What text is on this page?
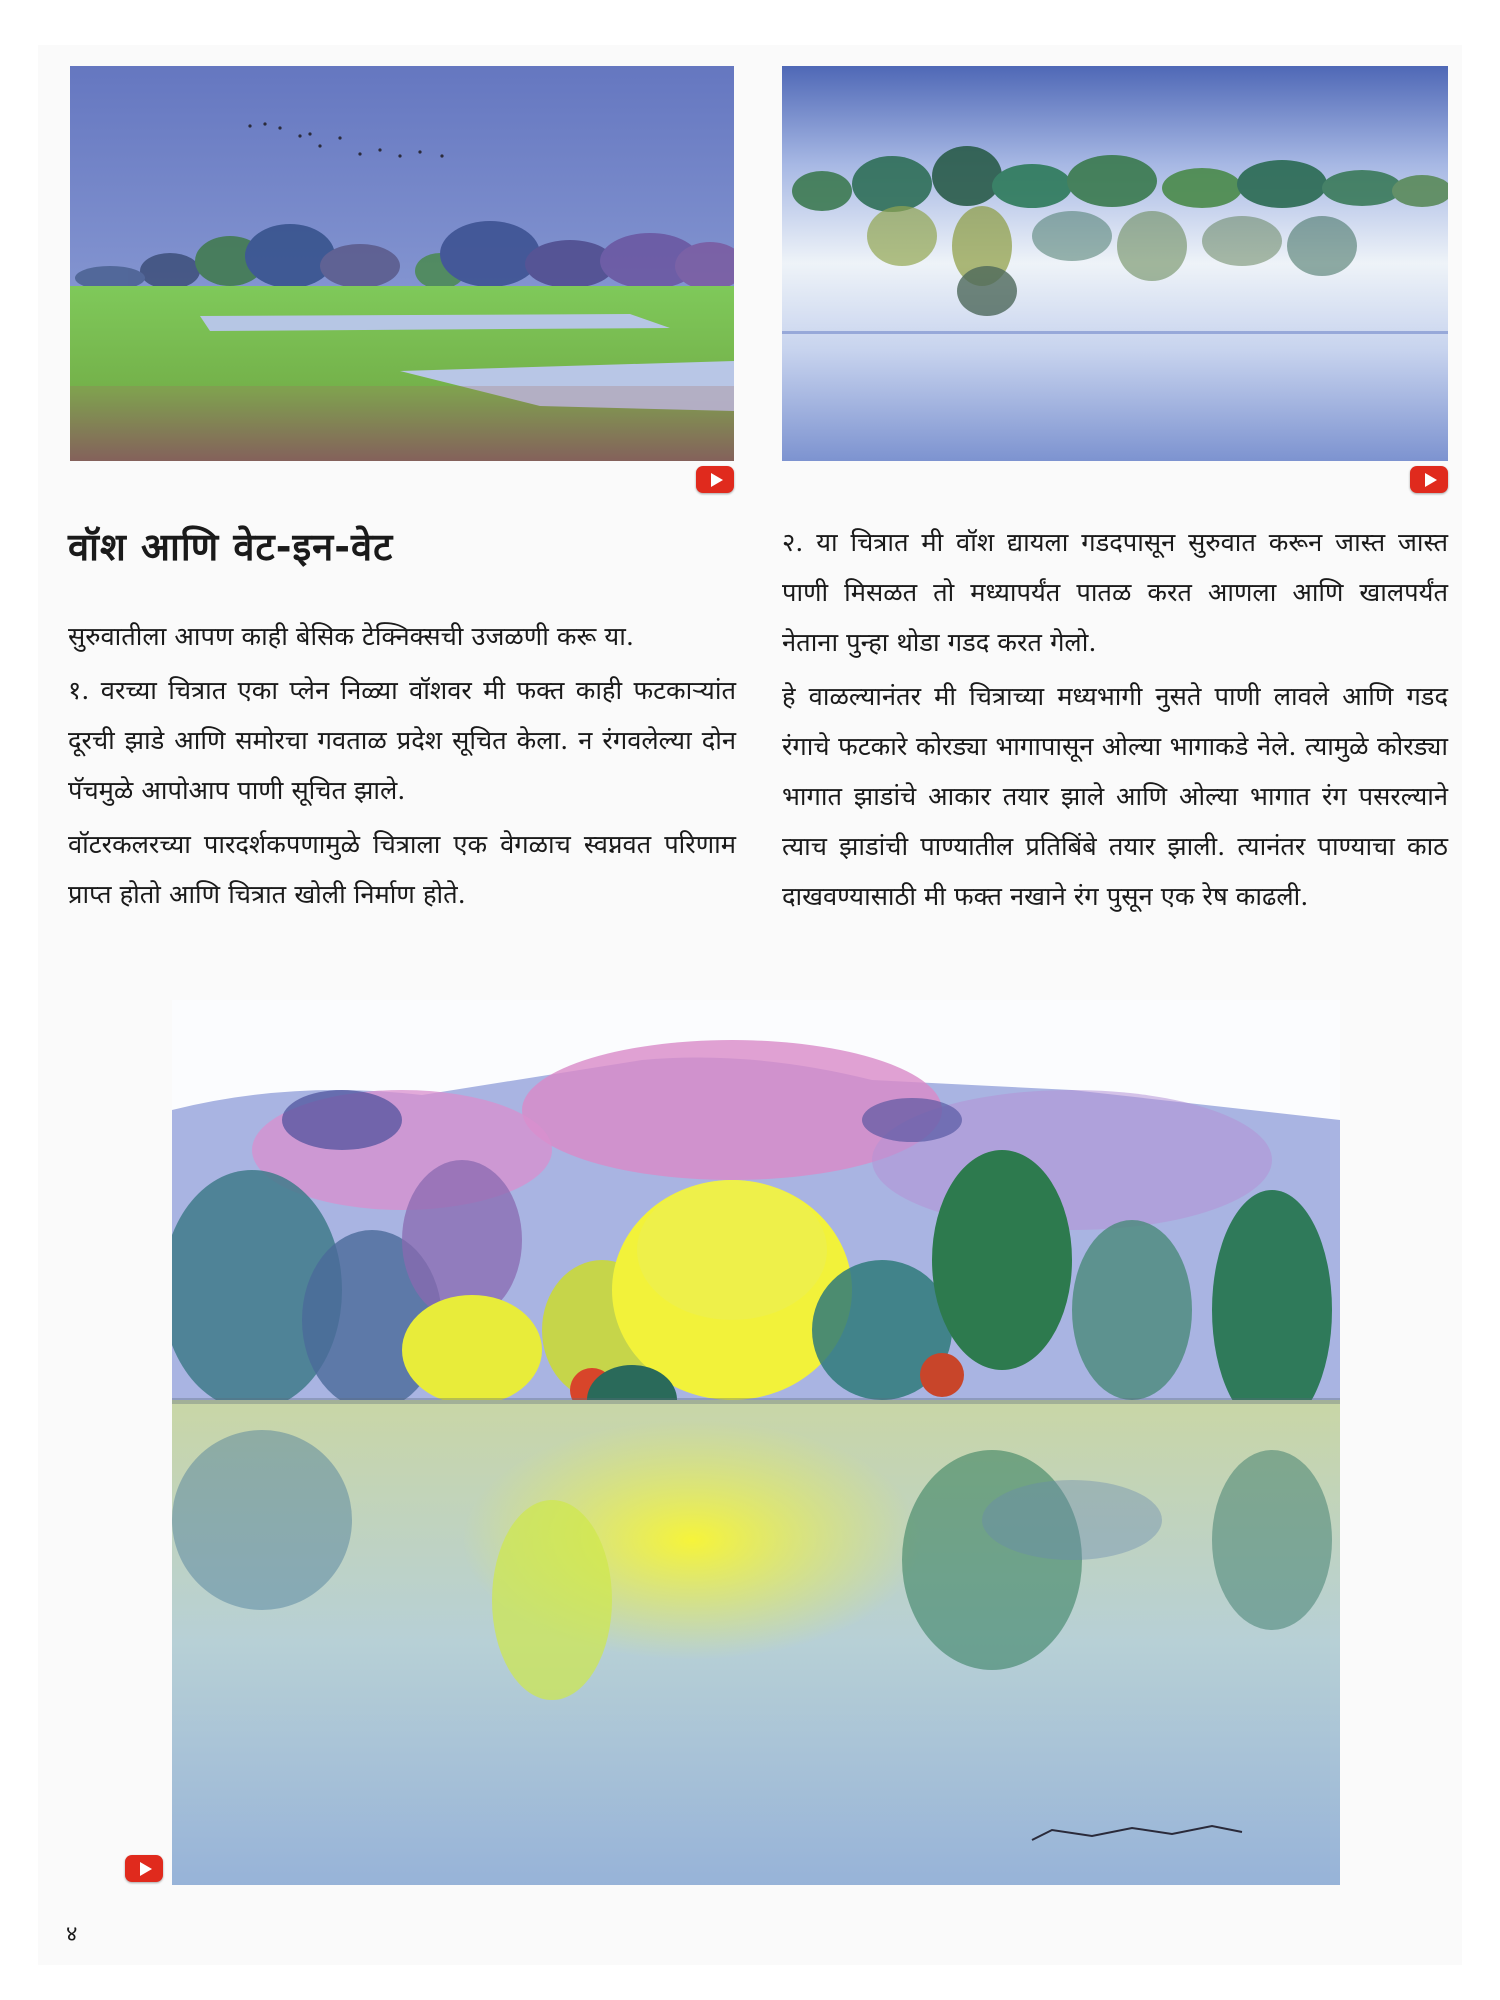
वॉश आणि वेट-इन-वेट

सुरुवातीला आपण काही बेसिक टेक्निक्सची उजळणी करू या.

१. वरच्या चित्रात एका प्लेन निळ्या वॉशवर मी फक्त काही फटकाऱ्यांत दूरची झाडे आणि समोरचा गवताळ प्रदेश सूचित केला. न रंगवलेल्या दोन पॅचमुळे आपोआप पाणी सूचित झाले.

वॉटरकलरच्या पारदर्शकपणामुळे चित्राला एक वेगळाच स्वप्नवत परिणाम प्राप्त होतो आणि चित्रात खोली निर्माण होते.

२. या चित्रात मी वॉश द्यायला गडदपासून सुरुवात करून जास्त जास्त पाणी मिसळत तो मध्यापर्यंत पातळ करत आणला आणि खालपर्यंत नेताना पुन्हा थोडा गडद करत गेलो.

हे वाळल्यानंतर मी चित्राच्या मध्यभागी नुसते पाणी लावले आणि गडद रंगाचे फटकारे कोरड्या भागापासून ओल्या भागाकडे नेले. त्यामुळे कोरड्या भागात झाडांचे आकार तयार झाले आणि ओल्या भागात रंग पसरल्याने त्याच झाडांची पाण्यातील प्रतिबिंबे तयार झाली. त्यानंतर पाण्याचा काठ दाखवण्यासाठी मी फक्त नखाने रंग पुसून एक रेष काढली.

४
